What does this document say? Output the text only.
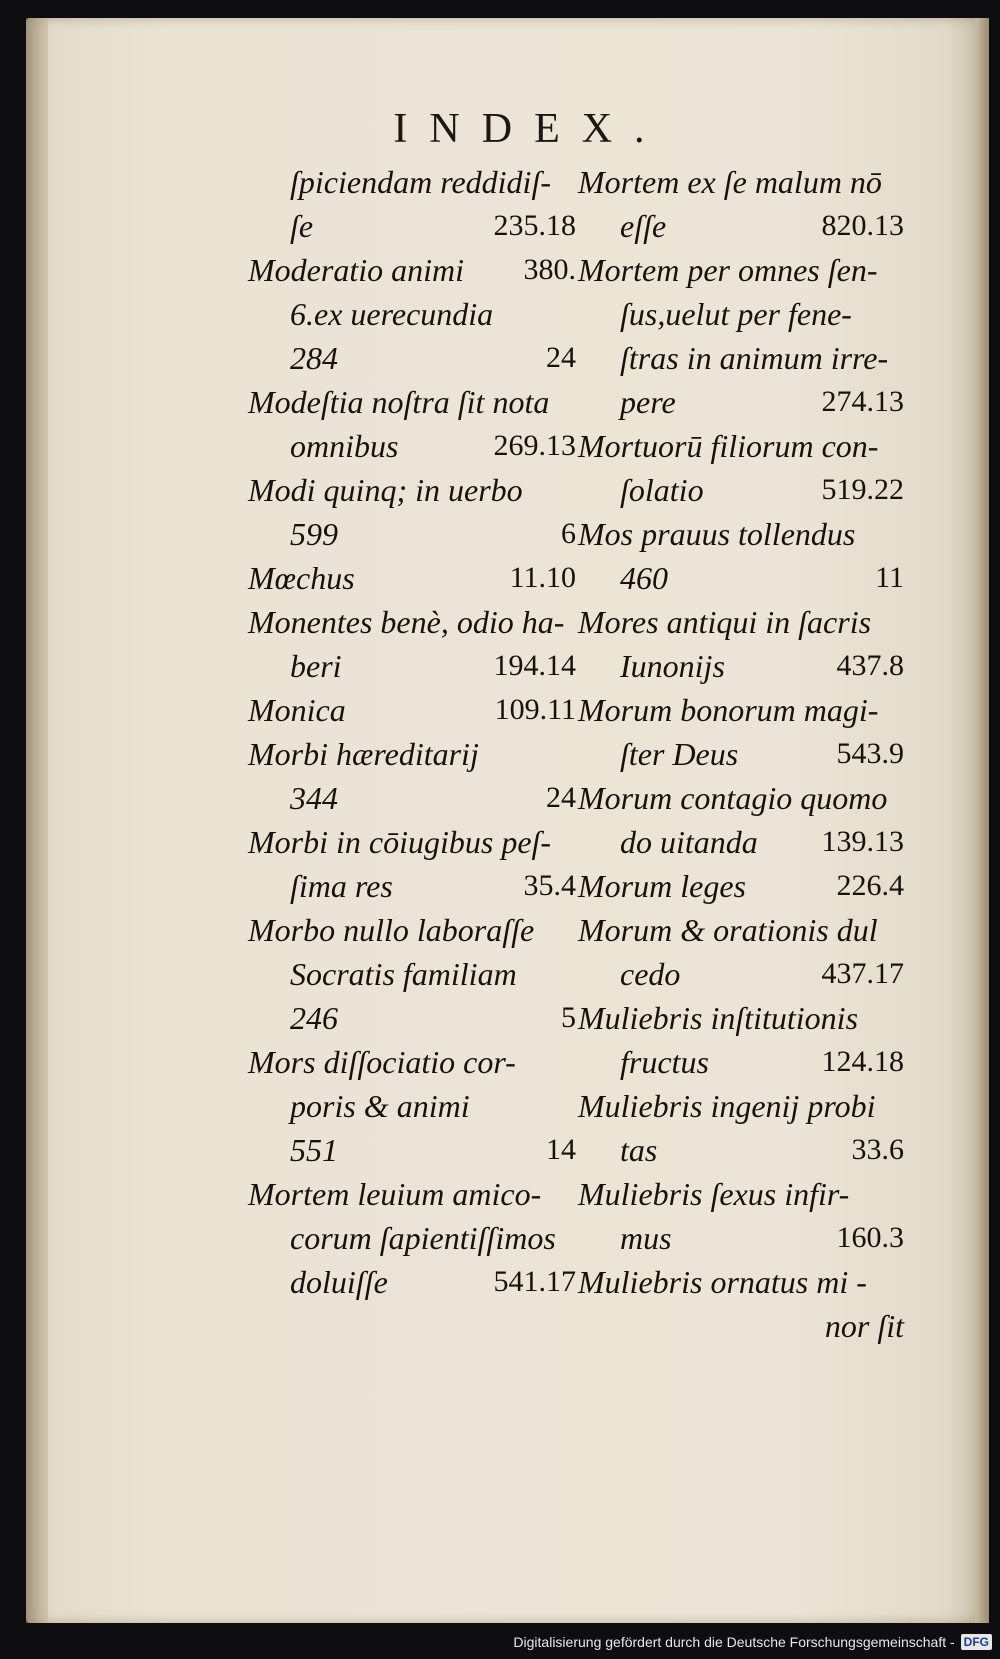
INDEX.
ſpiciendam reddidiſ-
ſe	235.18
Moderatio animi 380.
6.ex uerecundia
284	24
Modeſtia noſtra ſit nota
omnibus	269.13
Modi quinq; in uerbo
599	6
Mœchus	11.10
Monentes benè, odio ha-
beri	194.14
Monica	109.11
Morbi hæreditarij
344	24
Morbi in cōiugibus peſ-
ſima res	35.4
Morbo nullo laboraſſe
Socratis familiam
246	5
Mors diſſociatio cor-
poris & animi
551	14
Mortem leuium amico-
corum ſapientiſſimos
doluiſſe	541.17
Mortem ex ſe malum nō
eſſe	820.13
Mortem per omnes ſen-
ſus,uelut per fene-
ſtras in animum irre-
pere	274.13
Mortuorū filiorum con-
ſolatio	519.22
Mos prauus tollendus
460	11
Mores antiqui in ſacris
Iunonijs	437.8
Morum bonorum magi-
ſter Deus	543.9
Morum contagio quomo
do uitanda 139.13
Morum leges	226.4
Morum & orationis dul
cedo	437.17
Muliebris inſtitutionis
fructus	124.18
Muliebris ingenij probi
tas	33.6
Muliebris ſexus infir-
mus	160.3
Muliebris ornatus mi -
nor ſit
Digitalisierung gefördert durch die Deutsche Forschungsgemeinschaft - DFG
